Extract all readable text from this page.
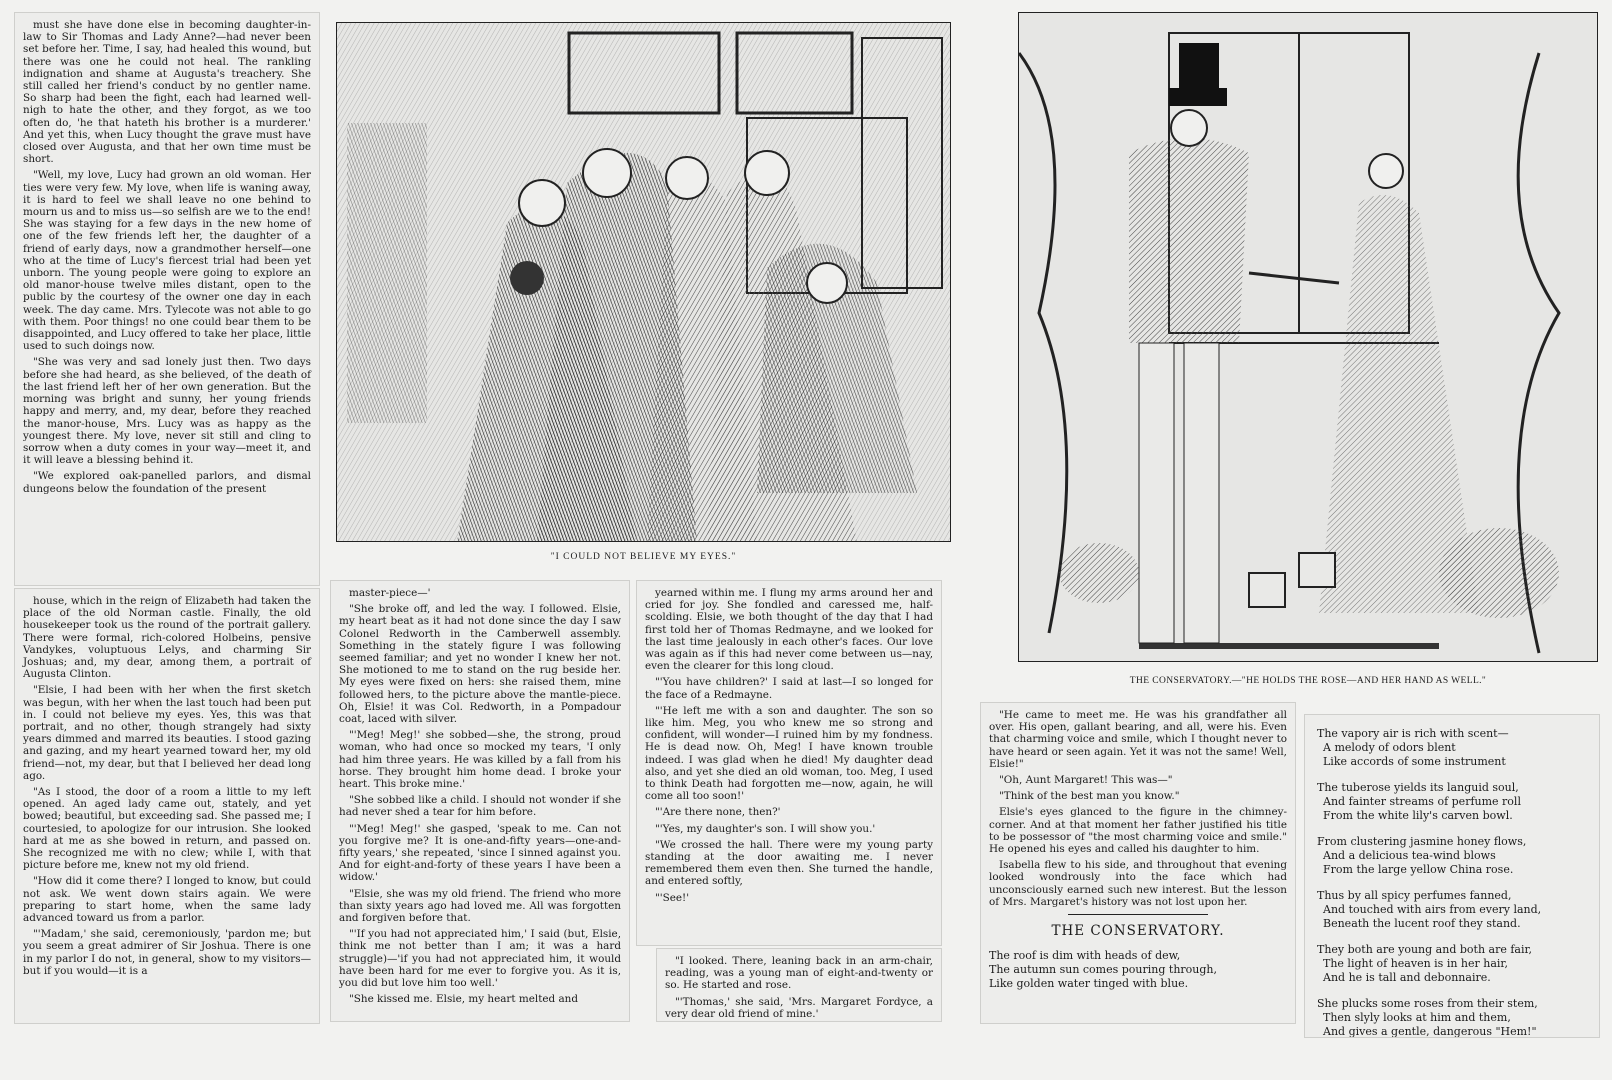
must she have done else in becoming daughter-in-law to Sir Thomas and Lady Anne?—had never been set before her. Time, I say, had healed this wound, but there was one he could not heal. The rankling indignation and shame at Augusta's treachery. She still called her friend's conduct by no gentler name. So sharp had been the fight, each had learned well-nigh to hate the other, and they forgot, as we too often do, 'he that hateth his brother is a murderer.' And yet this, when Lucy thought the grave must have closed over Augusta, and that her own time must be short.

"Well, my love, Lucy had grown an old woman. Her ties were very few. My love, when life is waning away, it is hard to feel we shall leave no one behind to mourn us and to miss us—so selfish are we to the end! She was staying for a few days in the new home of one of the few friends left her, the daughter of a friend of early days, now a grandmother herself—one who at the time of Lucy's fiercest trial had been yet unborn. The young people were going to explore an old manor-house twelve miles distant, open to the public by the courtesy of the owner one day in each week. The day came. Mrs. Tylecote was not able to go with them. Poor things! no one could bear them to be disappointed, and Lucy offered to take her place, little used to such doings now.

"She was very and sad lonely just then. Two days before she had heard, as she believed, of the death of the last friend left her of her own generation. But the morning was bright and sunny, her young friends happy and merry, and, my dear, before they reached the manor-house, Mrs. Lucy was as happy as the youngest there. My love, never sit still and cling to sorrow when a duty comes in your way—meet it, and it will leave a blessing behind it.

"We explored oak-panelled parlors, and dismal dungeons below the foundation of the present

house, which in the reign of Elizabeth had taken the place of the old Norman castle. Finally, the old housekeeper took us the round of the portrait gallery. There were formal, rich-colored Holbeins, pensive Vandykes, voluptuous Lelys, and charming Sir Joshuas; and, my dear, among them, a portrait of Augusta Clinton.

"Elsie, I had been with her when the first sketch was begun, with her when the last touch had been put in. I could not believe my eyes. Yes, this was that portrait, and no other, though strangely had sixty years dimmed and marred its beauties. I stood gazing and gazing, and my heart yearned toward her, my old friend—not, my dear, but that I believed her dead long ago.

"As I stood, the door of a room a little to my left opened. An aged lady came out, stately, and yet bowed; beautiful, but exceeding sad. She passed me; I courtesied, to apologize for our intrusion. She looked hard at me as she bowed in return, and passed on. She recognized me with no clew; while I, with that picture before me, knew not my old friend.

"How did it come there? I longed to know, but could not ask. We went down stairs again. We were preparing to start home, when the same lady advanced toward us from a parlor.

"'Madam,' she said, ceremoniously, 'pardon me; but you seem a great admirer of Sir Joshua. There is one in my parlor I do not, in general, show to my visitors—but if you would—it is a

"I COULD NOT BELIEVE MY EYES."
THE CONSERVATORY.—"HE HOLDS THE ROSE—AND HER HAND AS WELL."

master-piece—'

"She broke off, and led the way. I followed. Elsie, my heart beat as it had not done since the day I saw Colonel Redworth in the Camberwell assembly. Something in the stately figure I was following seemed familiar; and yet no wonder I knew her not. She motioned to me to stand on the rug beside her. My eyes were fixed on hers: she raised them, mine followed hers, to the picture above the mantle-piece. Oh, Elsie! it was Col. Redworth, in a Pompadour coat, laced with silver.

"'Meg! Meg!' she sobbed—she, the strong, proud woman, who had once so mocked my tears, 'I only had him three years. He was killed by a fall from his horse. They brought him home dead. I broke your heart. This broke mine.'

"She sobbed like a child. I should not wonder if she had never shed a tear for him before.

"'Meg! Meg!' she gasped, 'speak to me. Can not you forgive me? It is one-and-fifty years—one-and-fifty years,' she repeated, 'since I sinned against you. And for eight-and-forty of these years I have been a widow.'

"Elsie, she was my old friend. The friend who more than sixty years ago had loved me. All was forgotten and forgiven before that.

"'If you had not appreciated him,' I said (but, Elsie, think me not better than I am; it was a hard struggle)—'if you had not appreciated him, it would have been hard for me ever to forgive you. As it is, you did but love him too well.'

"She kissed me. Elsie, my heart melted and

yearned within me. I flung my arms around her and cried for joy. She fondled and caressed me, half-scolding. Elsie, we both thought of the day that I had first told her of Thomas Redmayne, and we looked for the last time jealously in each other's faces. Our love was again as if this had never come between us—nay, even the clearer for this long cloud.

"'You have children?' I said at last—I so longed for the face of a Redmayne.

"'He left me with a son and daughter. The son so like him. Meg, you who knew me so strong and confident, will wonder—I ruined him by my fondness. He is dead now. Oh, Meg! I have known trouble indeed. I was glad when he died! My daughter dead also, and yet she died an old woman, too. Meg, I used to think Death had forgotten me—now, again, he will come all too soon!'

"'Are there none, then?'

"'Yes, my daughter's son. I will show you.'

"We crossed the hall. There were my young party standing at the door awaiting me. I never remembered them even then. She turned the handle, and entered softly,

"'See!'

"I looked. There, leaning back in an arm-chair, reading, was a young man of eight-and-twenty or so. He started and rose.

"'Thomas,' she said, 'Mrs. Margaret Fordyce, a very dear old friend of mine.'

"He came to meet me. He was his grandfather all over. His open, gallant bearing, and all, were his. Even that charming voice and smile, which I thought never to have heard or seen again. Yet it was not the same! Well, Elsie!"

"Oh, Aunt Margaret! This was—"

"Think of the best man you know."

Elsie's eyes glanced to the figure in the chimney-corner. And at that moment her father justified his title to be possessor of "the most charming voice and smile." He opened his eyes and called his daughter to him.

Isabella flew to his side, and throughout that evening looked wondrously into the face which had unconsciously earned such new interest. But the lesson of Mrs. Margaret's history was not lost upon her.

THE CONSERVATORY.
The roof is dim with heads of dew,
The autumn sun comes pouring through,
Like golden water tinged with blue.
The vapory air is rich with scent—
A melody of odors blent
Like accords of some instrument
The tuberose yields its languid soul,
And fainter streams of perfume roll
From the white lily's carven bowl.
From clustering jasmine honey flows,
And a delicious tea-wind blows
From the large yellow China rose.
Thus by all spicy perfumes fanned,
And touched with airs from every land,
Beneath the lucent roof they stand.
They both are young and both are fair,
The light of heaven is in her hair,
And he is tall and debonnaire.
She plucks some roses from their stem,
Then slyly looks at him and them,
And gives a gentle, dangerous "Hem!"
